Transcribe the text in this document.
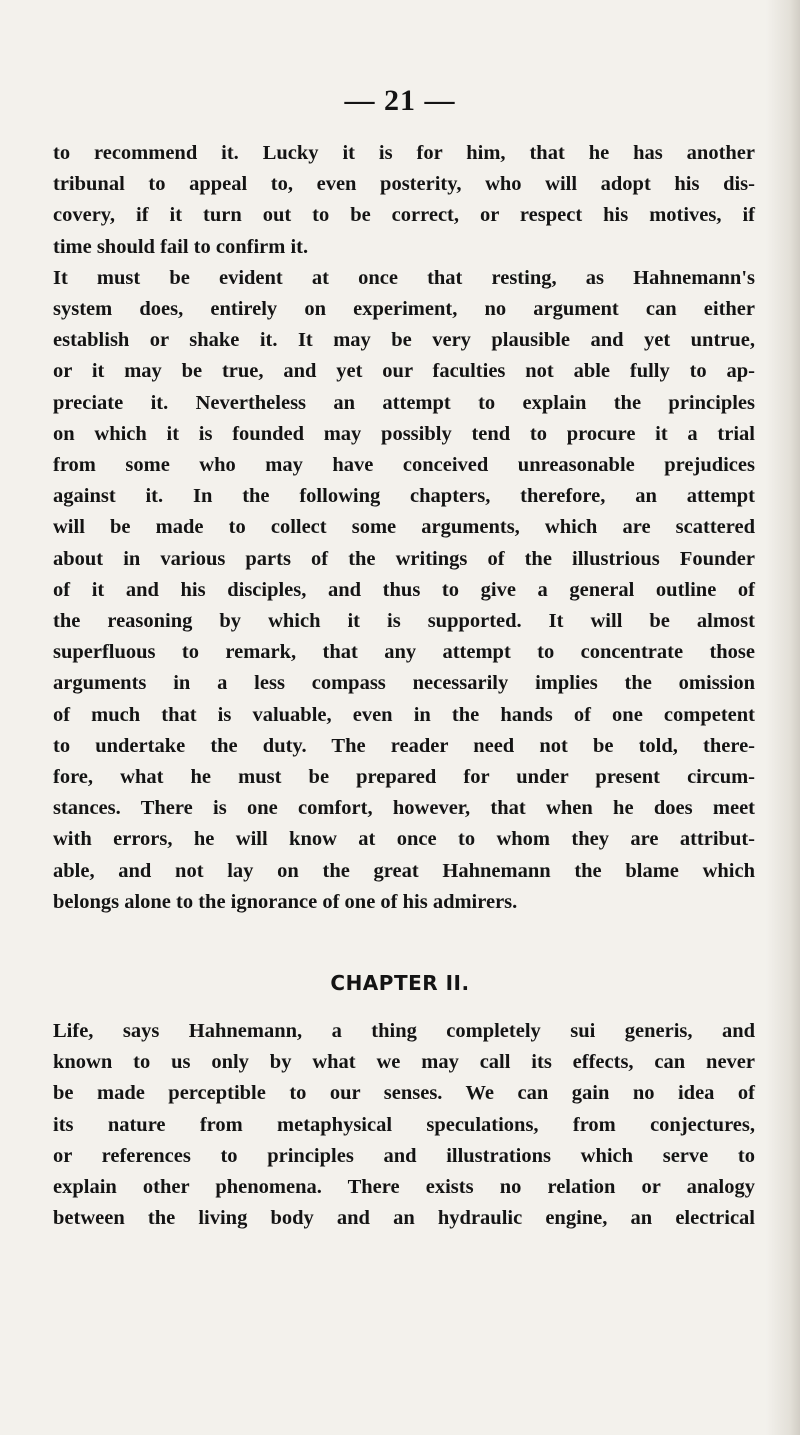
— 21 —
to recommend it. Lucky it is for him, that he has another
tribunal to appeal to, even posterity, who will adopt his dis-
covery, if it turn out to be correct, or respect his motives, if
time should fail to confirm it.
It must be evident at once that resting, as Hahnemann's
system does, entirely on experiment, no argument can either
establish or shake it. It may be very plausible and yet untrue,
or it may be true, and yet our faculties not able fully to ap-
preciate it. Nevertheless an attempt to explain the principles
on which it is founded may possibly tend to procure it a trial
from some who may have conceived unreasonable prejudices
against it. In the following chapters, therefore, an attempt
will be made to collect some arguments, which are scattered
about in various parts of the writings of the illustrious Founder
of it and his disciples, and thus to give a general outline of
the reasoning by which it is supported. It will be almost
superfluous to remark, that any attempt to concentrate those
arguments in a less compass necessarily implies the omission
of much that is valuable, even in the hands of one competent
to undertake the duty. The reader need not be told, there-
fore, what he must be prepared for under present circum-
stances. There is one comfort, however, that when he does meet
with errors, he will know at once to whom they are attribut-
able, and not lay on the great Hahnemann the blame which
belongs alone to the ignorance of one of his admirers.
CHAPTER II.
Life, says Hahnemann, a thing completely sui generis, and
known to us only by what we may call its effects, can never
be made perceptible to our senses. We can gain no idea of
its nature from metaphysical speculations, from conjectures,
or references to principles and illustrations which serve to
explain other phenomena. There exists no relation or analogy
between the living body and an hydraulic engine, an electrical
